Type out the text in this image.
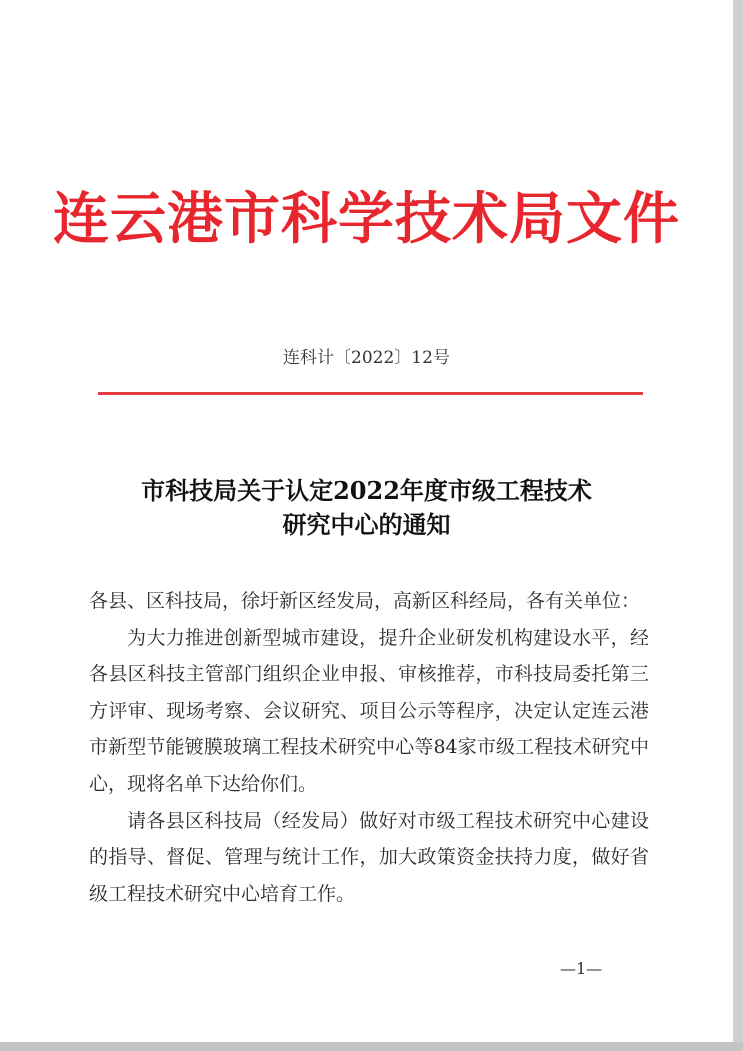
连云港市科学技术局文件
连科计〔2022〕12号
市科技局关于认定2022年度市级工程技术
研究中心的通知

各县、区科技局，徐圩新区经发局，高新区科经局，各有关单位：

为大力推进创新型城市建设，提升企业研发机构建设水平，经各县区科技主管部门组织企业申报、审核推荐，市科技局委托第三方评审、现场考察、会议研究、项目公示等程序，决定认定连云港市新型节能镀膜玻璃工程技术研究中心等84家市级工程技术研究中心，现将名单下达给你们。

请各县区科技局（经发局）做好对市级工程技术研究中心建设的指导、督促、管理与统计工作，加大政策资金扶持力度，做好省级工程技术研究中心培育工作。

—1—
